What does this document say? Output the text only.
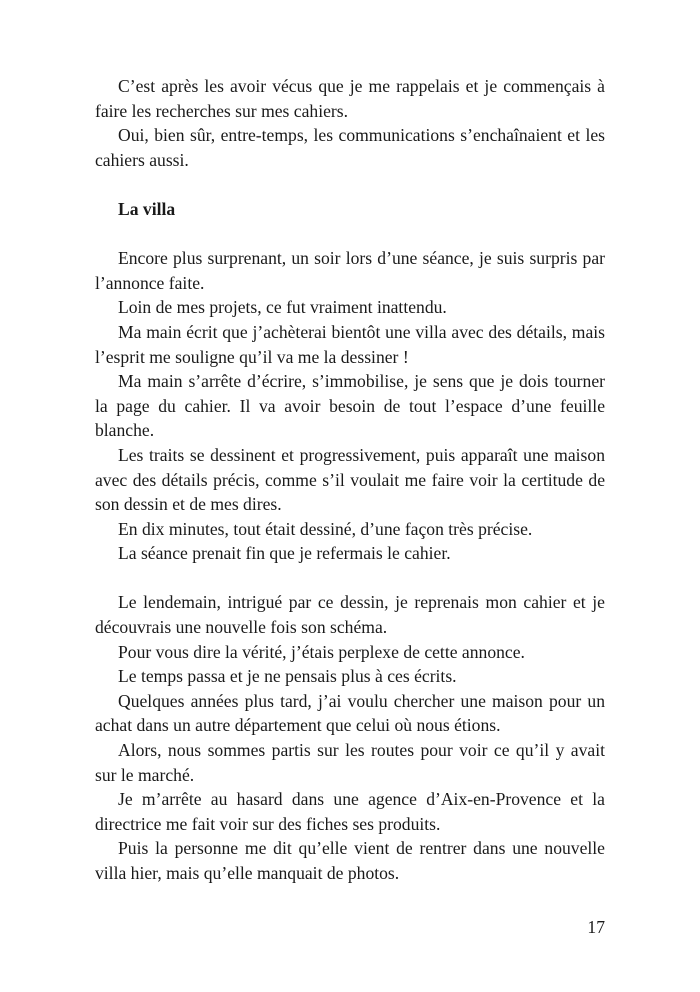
C’est après les avoir vécus que je me rappelais et je commençais à faire les recherches sur mes cahiers.

Oui, bien sûr, entre-temps, les communications s’enchaînaient et les cahiers aussi.

La villa

Encore plus surprenant, un soir lors d’une séance, je suis surpris par l’annonce faite.

Loin de mes projets, ce fut vraiment inattendu.

Ma main écrit que j’achèterai bientôt une villa avec des détails, mais l’esprit me souligne qu’il va me la dessiner !

Ma main s’arrête d’écrire, s’immobilise, je sens que je dois tourner la page du cahier. Il va avoir besoin de tout l’espace d’une feuille blanche.

Les traits se dessinent et progressivement, puis apparaît une maison avec des détails précis, comme s’il voulait me faire voir la certitude de son dessin et de mes dires.

En dix minutes, tout était dessiné, d’une façon très précise.

La séance prenait fin que je refermais le cahier.

Le lendemain, intrigué par ce dessin, je reprenais mon cahier et je découvrais une nouvelle fois son schéma.

Pour vous dire la vérité, j’étais perplexe de cette annonce.

Le temps passa et je ne pensais plus à ces écrits.

Quelques années plus tard, j’ai voulu chercher une maison pour un achat dans un autre département que celui où nous étions.

Alors, nous sommes partis sur les routes pour voir ce qu’il y avait sur le marché.

Je m’arrête au hasard dans une agence d’Aix-en-Provence et la directrice me fait voir sur des fiches ses produits.

Puis la personne me dit qu’elle vient de rentrer dans une nouvelle villa hier, mais qu’elle manquait de photos.

17
